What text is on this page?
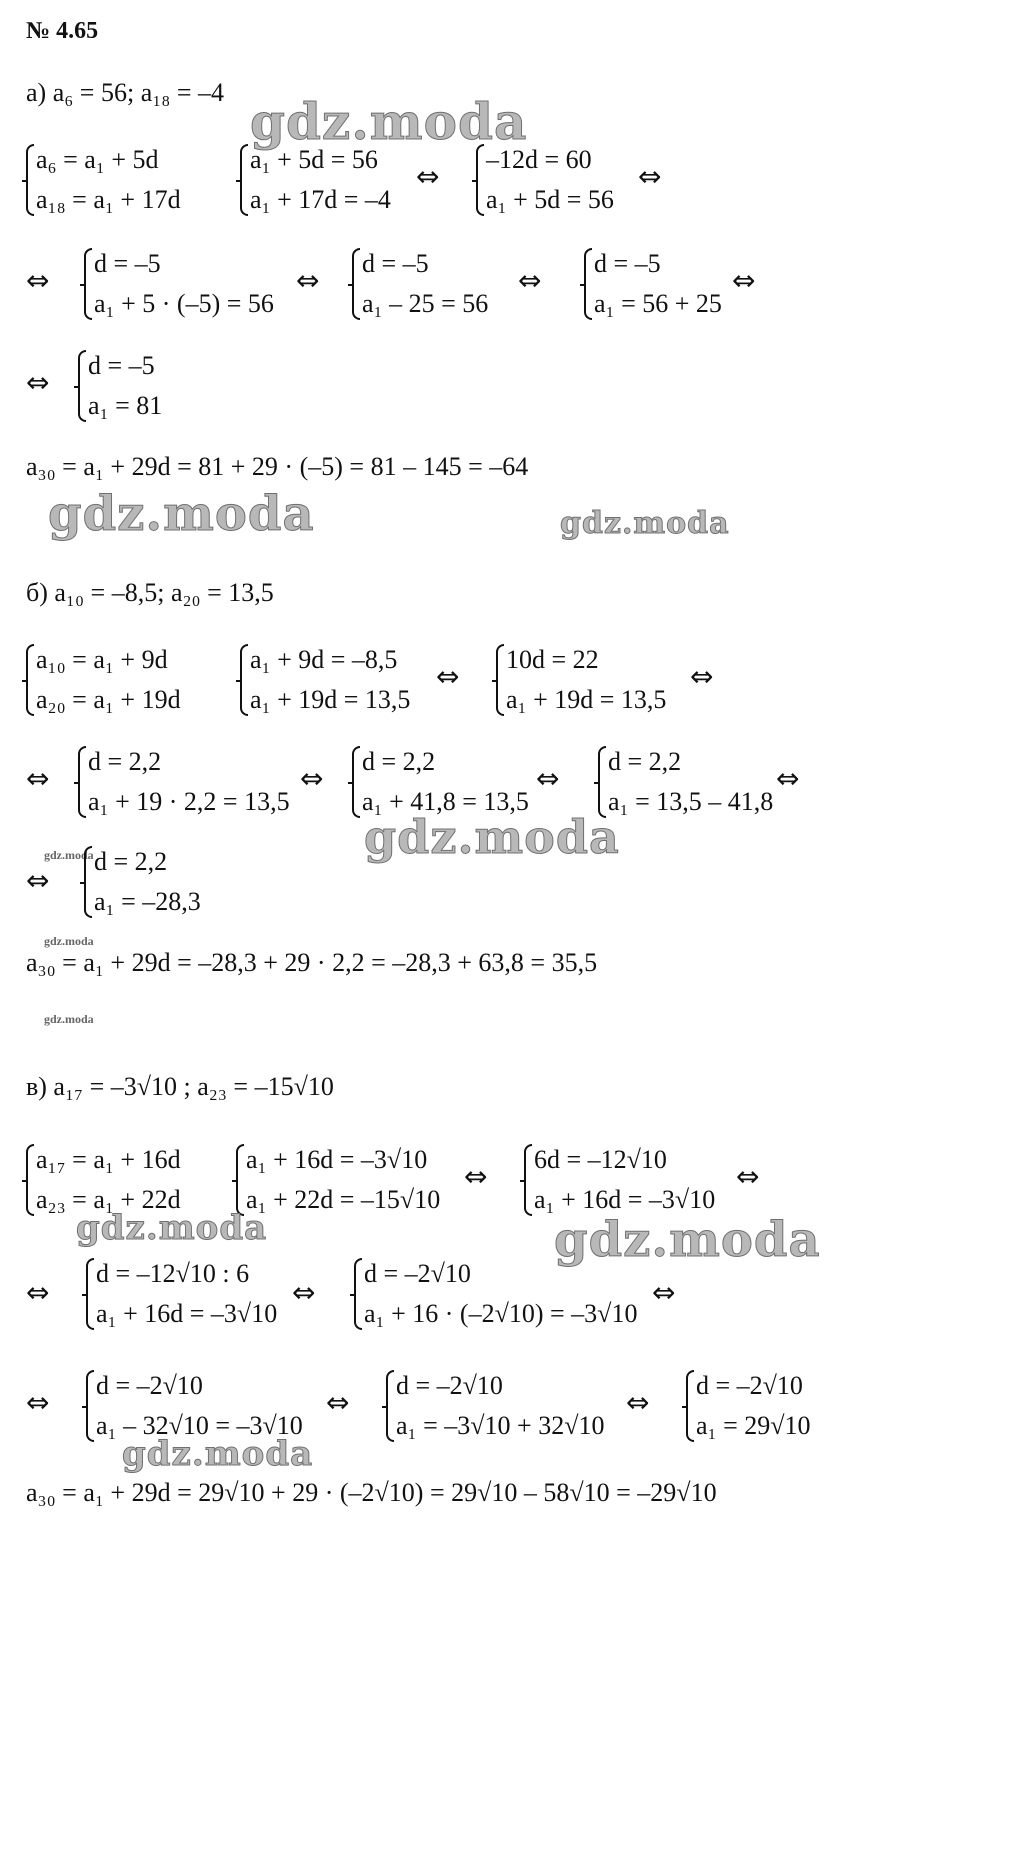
№ 4.65
а) a₆ = 56; a₁₈ = –4 gdz.moda
a₆ = a₁ + 5d
a₁₈ = a₁ + 17d
a₁ + 5d = 56
a₁ + 17d = –4
⇔
–12d = 60
a₁ + 5d = 56
⇔
⇔
d = –5
a₁ + 5 · (–5) = 56
⇔
d = –5
a₁ – 25 = 56
⇔
d = –5
a₁ = 56 + 25
⇔
⇔
d = –5
a₁ = 81
a₃₀ = a₁ + 29d = 81 + 29 · (–5) = 81 – 145 = –64
gdz.moda	gdz.moda
б) a₁₀ = –8,5; a₂₀ = 13,5
a₁₀ = a₁ + 9d
a₂₀ = a₁ + 19d
a₁ + 9d = –8,5
a₁ + 19d = 13,5
⇔
10d = 22
a₁ + 19d = 13,5
⇔
⇔
d = 2,2
a₁ + 19 · 2,2 = 13,5
⇔
d = 2,2
a₁ + 41,8 = 13,5
⇔
d = 2,2
a₁ = 13,5 – 41,8
⇔
gdz.moda
gdz.moda
⇔
d = 2,2
a₁ = –28,3
gdz.moda
a₃₀ = a₁ + 29d = –28,3 + 29 · 2,2 = –28,3 + 63,8 = 35,5
gdz.moda
в) a₁₇ = –3√10 ; a₂₃ = –15√10
a₁₇ = a₁ + 16d
a₂₃ = a₁ + 22d
a₁ + 16d = –3√10
a₁ + 22d = –15√10
⇔
6d = –12√10
a₁ + 16d = –3√10
⇔
gdz.moda	gdz.moda
⇔
d = –12√10 : 6
a₁ + 16d = –3√10
⇔
d = –2√10
a₁ + 16 · (–2√10) = –3√10
⇔
⇔
d = –2√10
a₁ – 32√10 = –3√10
⇔
d = –2√10
a₁ = –3√10 + 32√10
⇔
d = –2√10
a₁ = 29√10
gdz.moda
a₃₀ = a₁ + 29d = 29√10 + 29 · (–2√10) = 29√10 – 58√10 = –29√10
